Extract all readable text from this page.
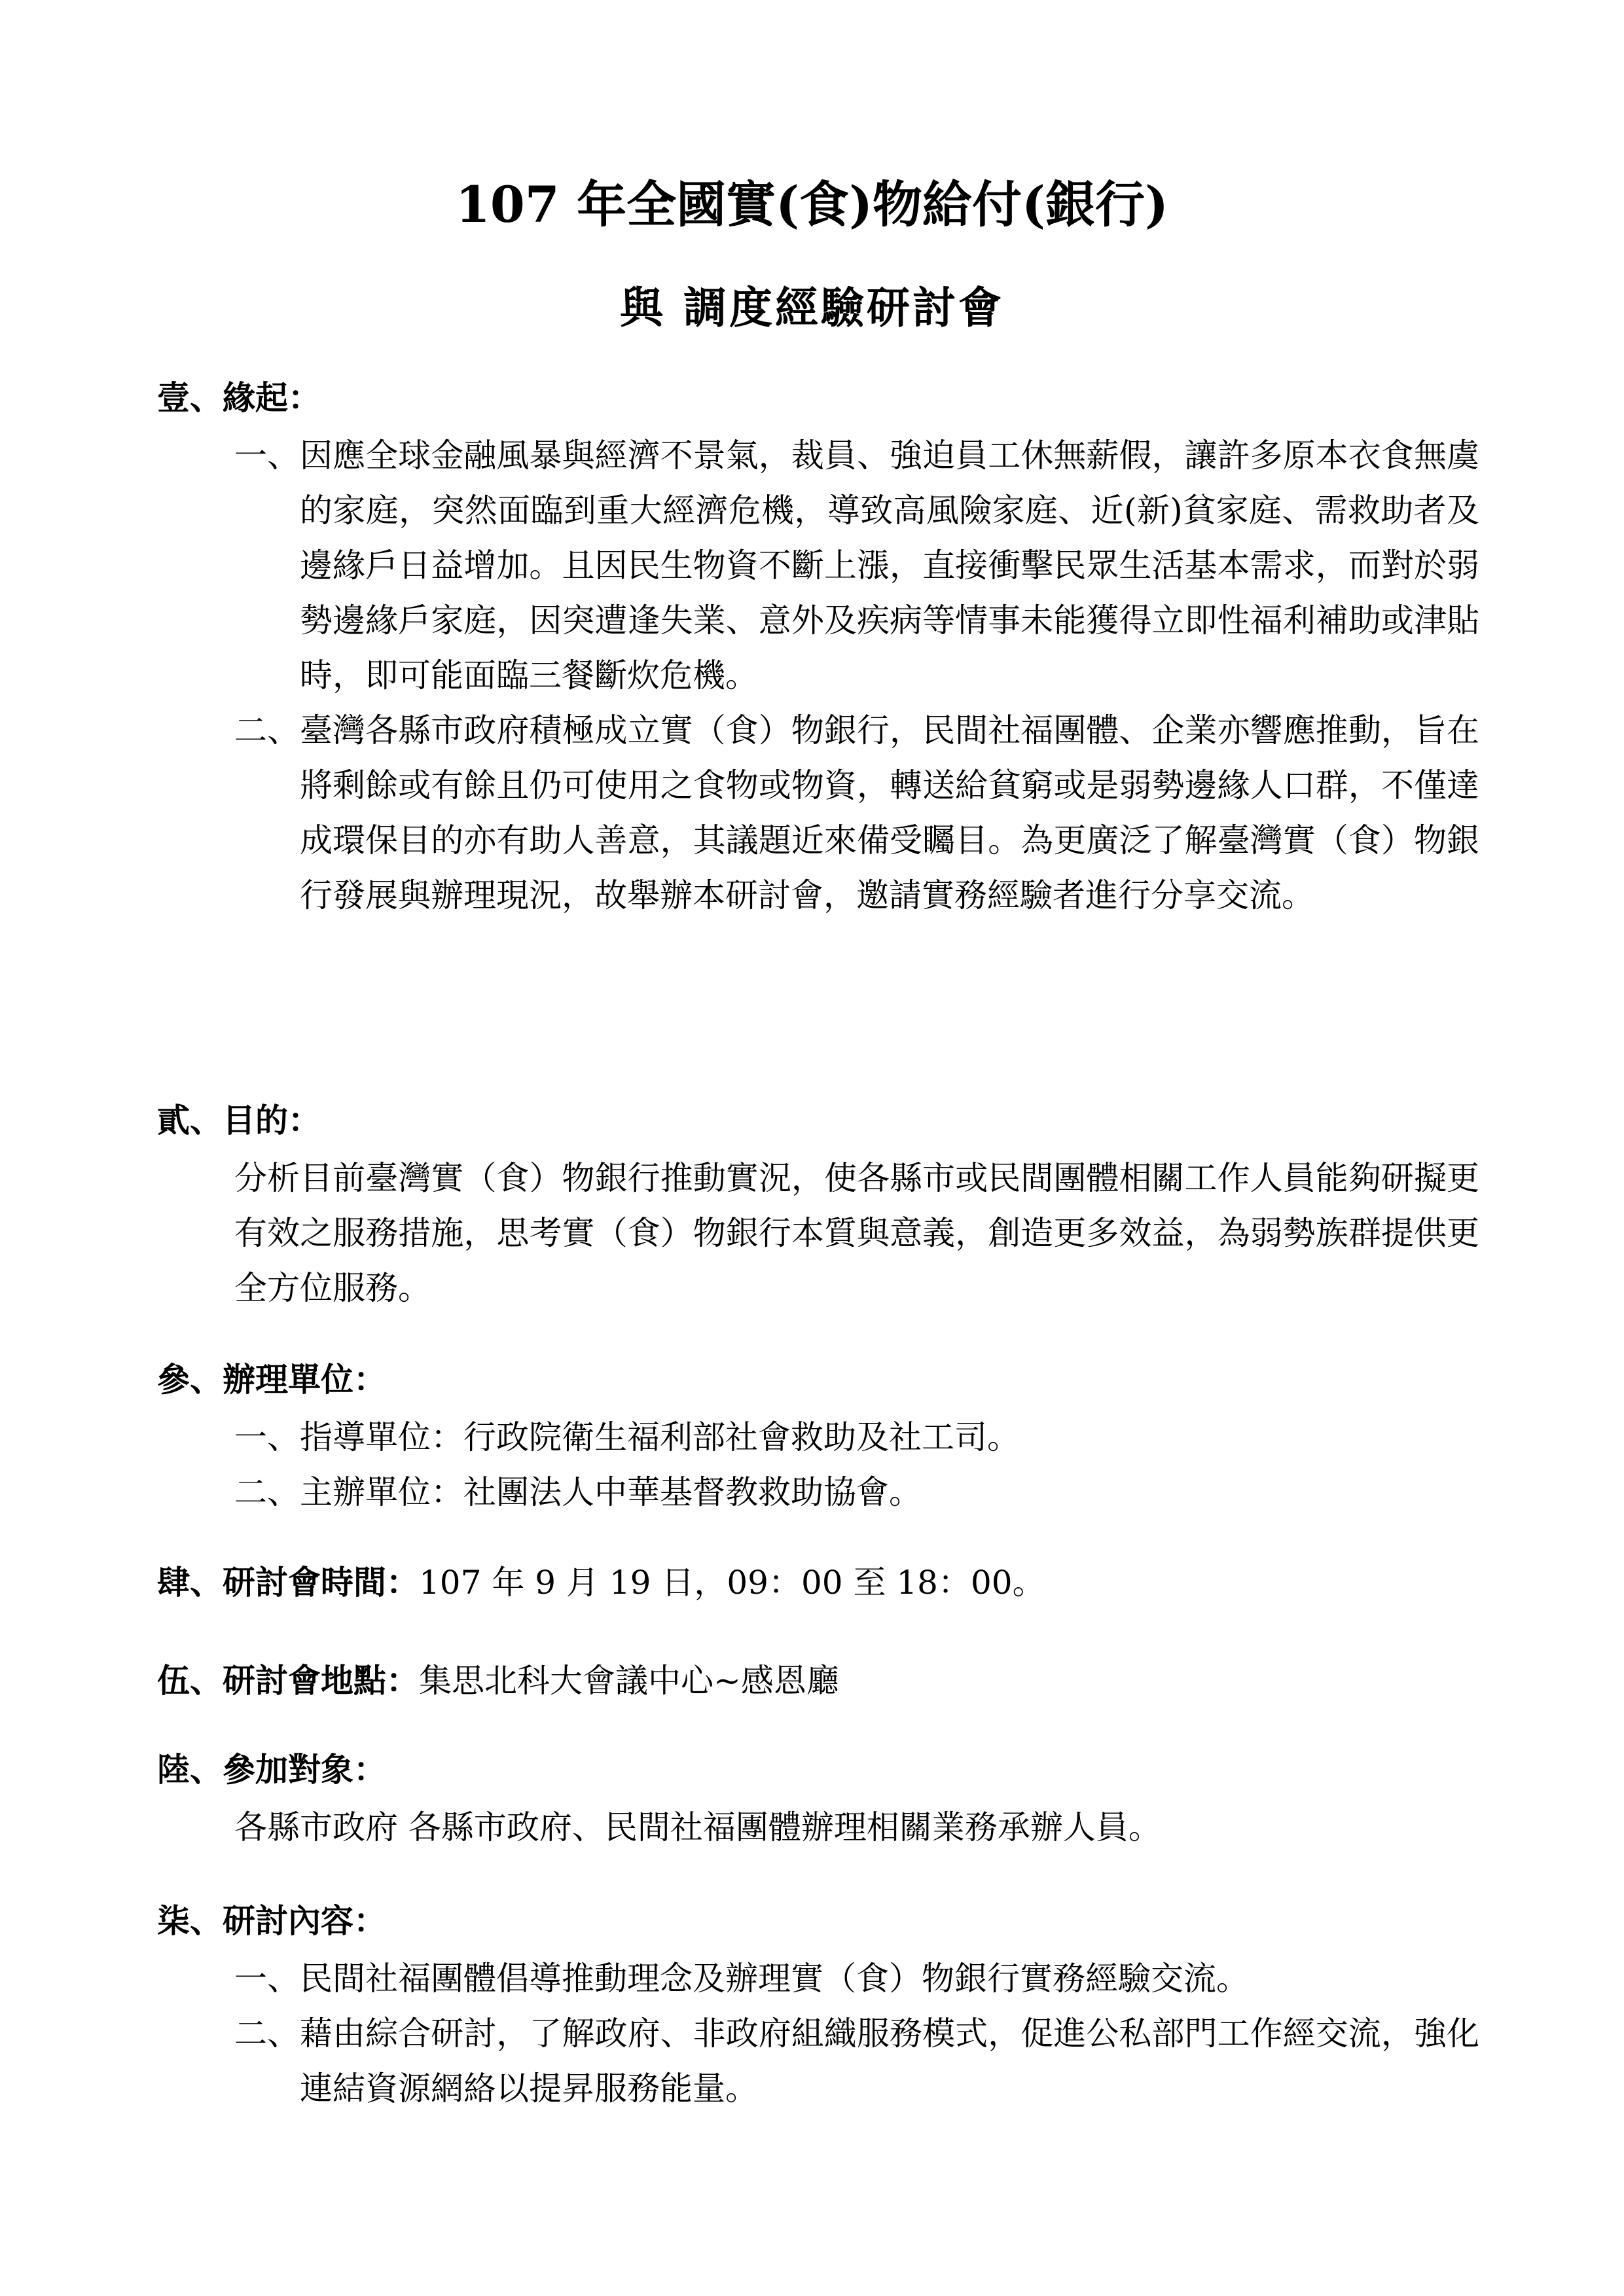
107 年全國實(食)物給付(銀行)
與 調度經驗研討會
壹、緣起：
一、 因應全球金融風暴與經濟不景氣，裁員、強迫員工休無薪假，讓許多原本衣食無虞的家庭，突然面臨到重大經濟危機，導致高風險家庭、近(新)貧家庭、需救助者及邊緣戶日益增加。且因民生物資不斷上漲，直接衝擊民眾生活基本需求，而對於弱勢邊緣戶家庭，因突遭逢失業、意外及疾病等情事未能獲得立即性福利補助或津貼時，即可能面臨三餐斷炊危機。
二、 臺灣各縣市政府積極成立實（食）物銀行，民間社福團體、企業亦響應推動，旨在將剩餘或有餘且仍可使用之食物或物資，轉送給貧窮或是弱勢邊緣人口群，不僅達成環保目的亦有助人善意，其議題近來備受矚目。為更廣泛了解臺灣實（食）物銀行發展與辦理現況，故舉辦本研討會，邀請實務經驗者進行分享交流。
貳、目的：
分析目前臺灣實（食）物銀行推動實況，使各縣市或民間團體相關工作人員能夠研擬更有效之服務措施，思考實（食）物銀行本質與意義，創造更多效益，為弱勢族群提供更全方位服務。
參、辦理單位：
一、 指導單位：行政院衛生福利部社會救助及社工司。
二、 主辦單位：社團法人中華基督教救助協會。
肆、研討會時間：107 年 9 月 19 日，09：00 至 18：00。
伍、研討會地點：集思北科大會議中心~感恩廳
陸、參加對象：
各縣市政府 各縣市政府、民間社福團體辦理相關業務承辦人員。
柒、研討內容：
一、 民間社福團體倡導推動理念及辦理實（食）物銀行實務經驗交流。
二、 藉由綜合研討，了解政府、非政府組織服務模式，促進公私部門工作經交流，強化連結資源網絡以提昇服務能量。
